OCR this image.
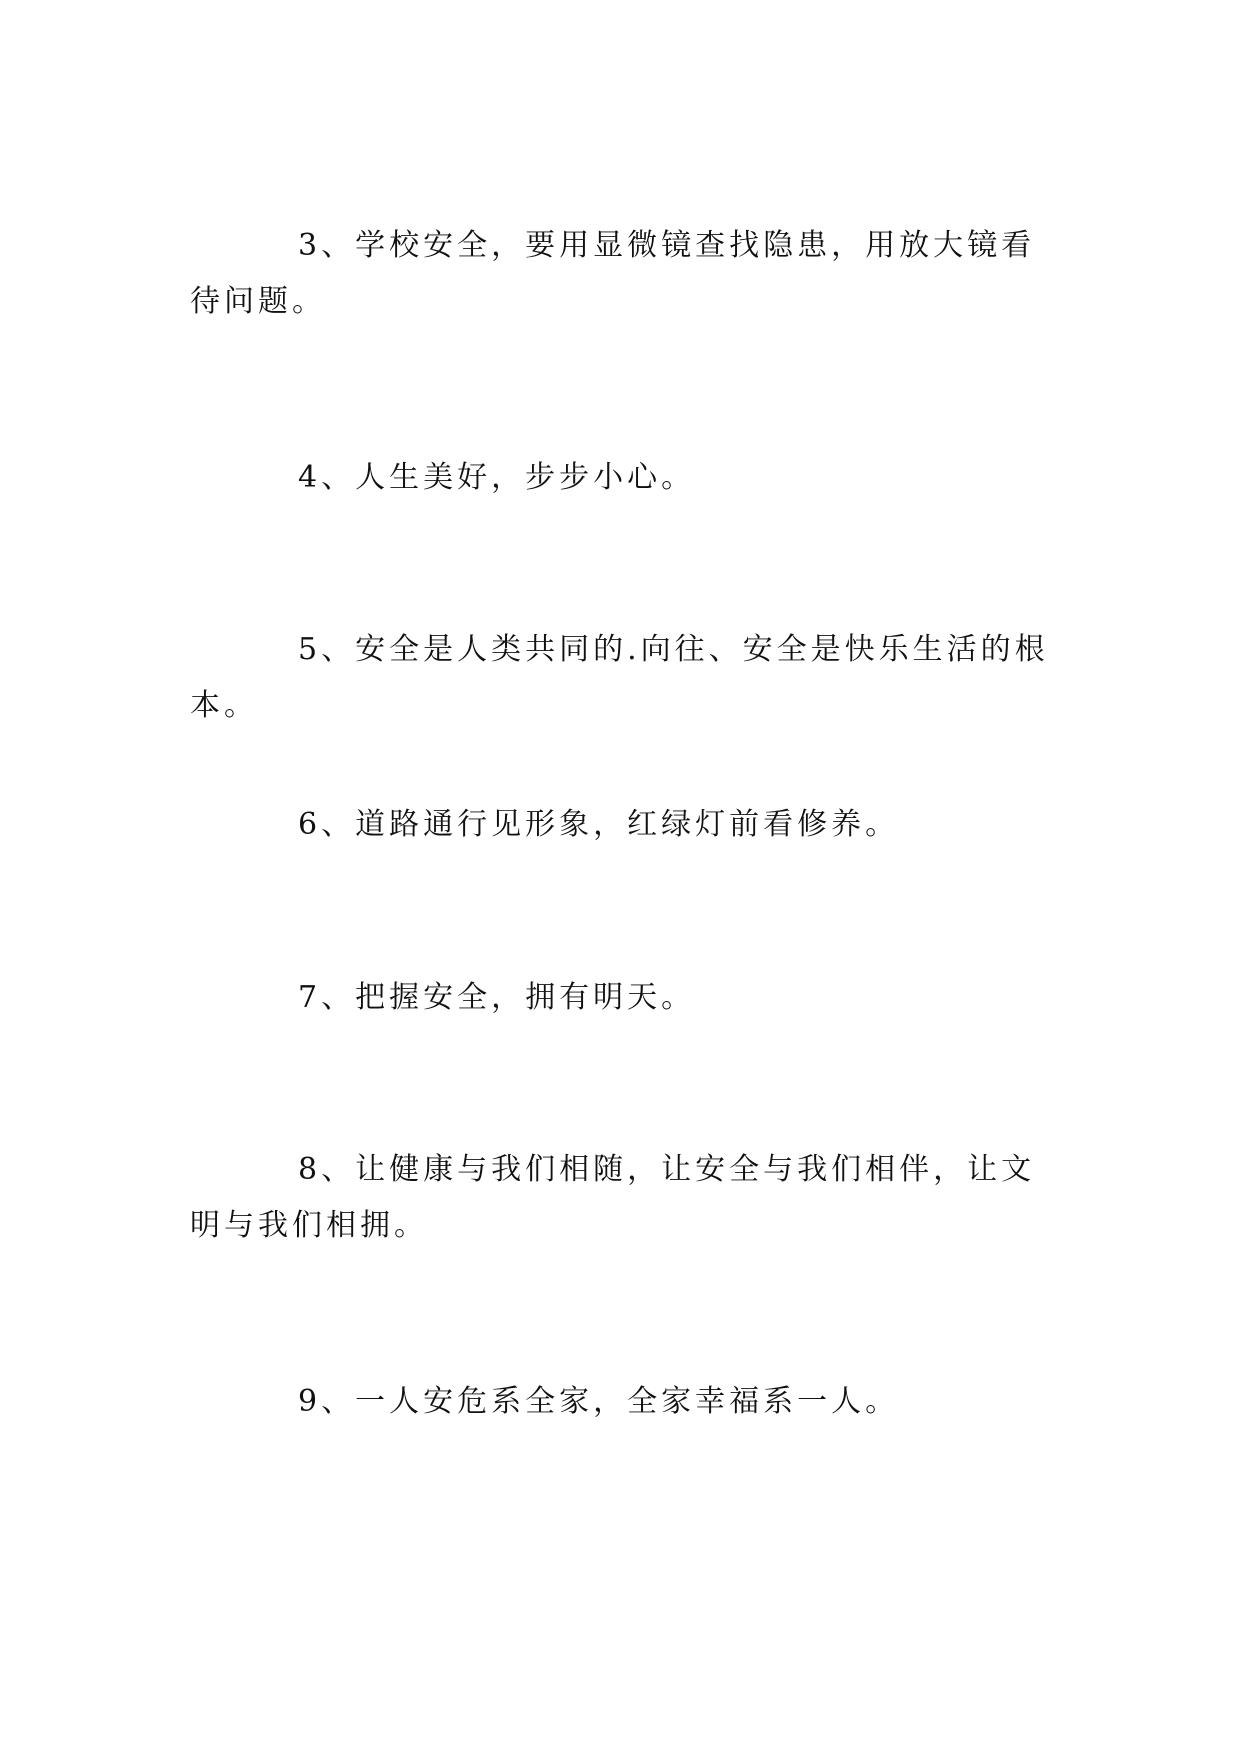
3、学校安全，要用显微镜查找隐患，用放大镜看待问题。

4、人生美好，步步小心。

5、安全是人类共同的.向往、安全是快乐生活的根本。

6、道路通行见形象，红绿灯前看修养。

7、把握安全，拥有明天。

8、让健康与我们相随，让安全与我们相伴，让文明与我们相拥。

9、一人安危系全家，全家幸福系一人。
